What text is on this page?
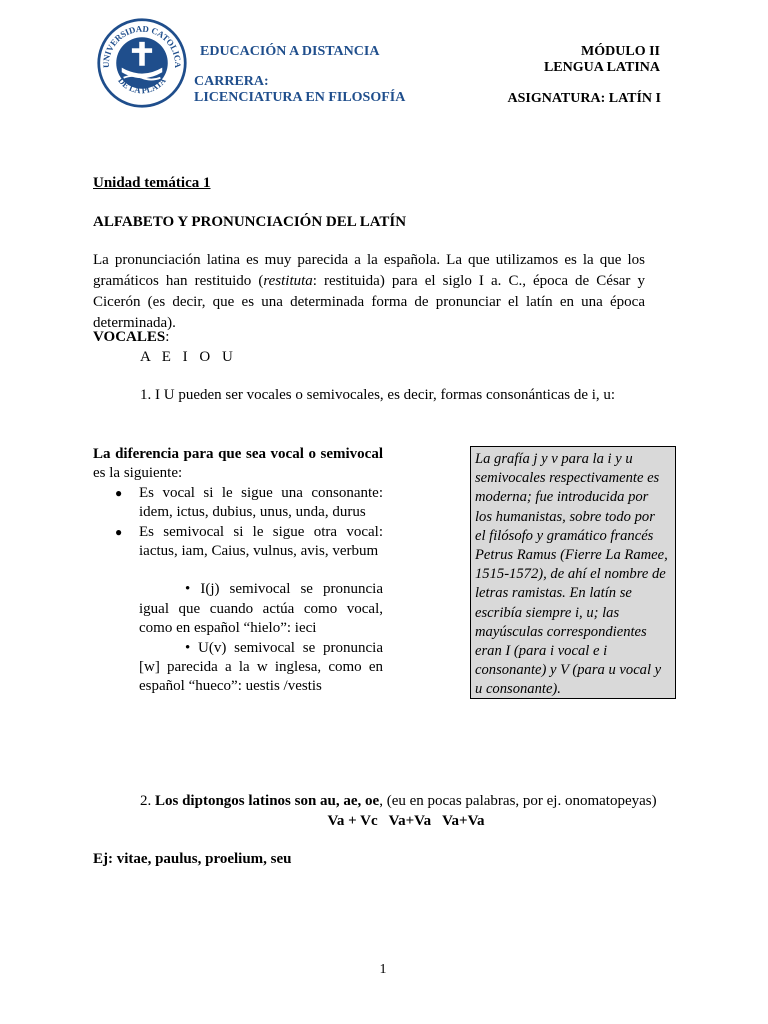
UNIVERSIDAD CATOLICA
DE LA PLATA
EDUCACIÓN A DISTANCIA
CARRERA:
LICENCIATURA EN FILOSOFÍA
MÓDULO II
LENGUA LATINA
ASIGNATURA: LATÍN I
Unidad temática 1
ALFABETO Y PRONUNCIACIÓN DEL LATÍN
La pronunciación latina es muy parecida a la española. La que utilizamos es la que los gramáticos han restituido (restituta: restituida) para el siglo I a. C., época de César y Cicerón (es decir, que es una determinada forma de pronunciar el latín en una época determinada).
VOCALES:
A E I O U
1. I U pueden ser vocales o semivocales, es decir, formas consonánticas de i, u:
La diferencia para que sea vocal o semivocal es la siguiente:
● Es vocal si le sigue una consonante: idem, ictus, dubius, unus, unda, durus
● Es semivocal si le sigue otra vocal: iactus, iam, Caius, vulnus, avis, verbum
• I(j) semivocal se pronuncia igual que cuando actúa como vocal, como en español “hielo”: ieci
• U(v) semivocal se pronuncia [w] parecida a la w inglesa, como en español “hueco”: uestis /vestis
La grafía j y v para la i y u semivocales respectivamente es moderna; fue introducida por los humanistas, sobre todo por el filósofo y gramático francés Petrus Ramus (Fierre La Ramee, 1515-1572), de ahí el nombre de letras ramistas. En latín se escribía siempre i, u; las mayúsculas correspondientes eran I (para i vocal e i consonante) y V (para u vocal y u consonante).
2. Los diptongos latinos son au, ae, oe, (eu en pocas palabras, por ej. onomatopeyas)
Va + Vc   Va+Va   Va+Va
Ej: vitae, paulus, proelium, seu
1
